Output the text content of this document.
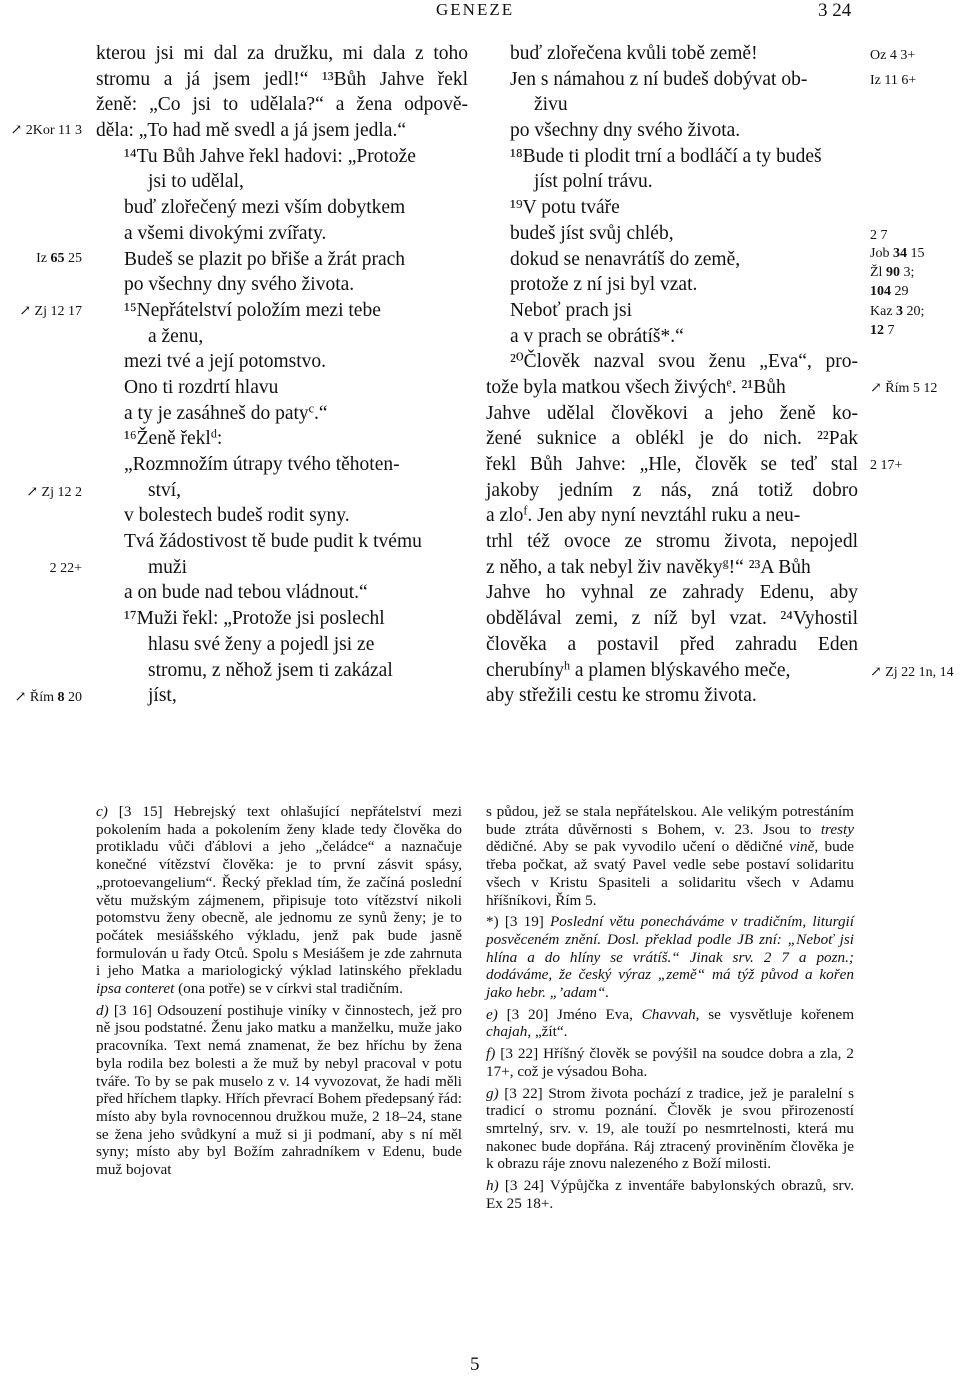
GENEZE	3 24
kterou jsi mi dal za družku, mi dala z toho
stromu a já jsem jedl!“ ¹³Bůh Jahve řekl
ženě: „Co jsi to udělala?“ a žena odpově-
děla: „To had mě svedl a já jsem jedla.“
¹⁴Tu Bůh Jahve řekl hadovi: „Protože
jsi to udělal,
buď zlořečený mezi vším dobytkem
a všemi divokými zvířaty.
Budeš se plazit po břiše a žrát prach
po všechny dny svého života.
¹⁵Nepřátelství položím mezi tebe
a ženu,
mezi tvé a její potomstvo.
Ono ti rozdrtí hlavu
a ty je zasáhneš do paty$^c$.“
¹⁶Ženě řekl$^d$:
„Rozmnožím útrapy tvého těhoten-
ství,
v bolestech budeš rodit syny.
Tvá žádostivost tě bude pudit k tvému
muži
a on bude nad tebou vládnout.“
¹⁷Muži řekl: „Protože jsi poslechl
hlasu své ženy a pojedl jsi ze
stromu, z něhož jsem ti zakázal
jíst,
buď zlořečena kvůli tobě země!
Jen s námahou z ní budeš dobývat ob-
živu
po všechny dny svého života.
¹⁸Bude ti plodit trní a bodláčí a ty budeš
jíst polní trávu.
¹⁹V potu tváře
budeš jíst svůj chléb,
dokud se nenavrátíš do země,
protože z ní jsi byl vzat.
Neboť prach jsi
a v prach se obrátíš*.“
²⁰Člověk nazval svou ženu „Eva“, pro-
tože byla matkou všech živých$^e$. ²¹Bůh
Jahve udělal člověkovi a jeho ženě ko-
žené suknice a oblékl je do nich. ²²Pak
řekl Bůh Jahve: „Hle, člověk se teď stal
jakoby jedním z nás, zná totiž dobro
a zlo$^f$. Jen aby nyní nevztáhl ruku a neu-
trhl též ovoce ze stromu života, nepojedl
z něho, a tak nebyl živ navěky$^g$!“ ²³A Bůh
Jahve ho vyhnal ze zahrady Edenu, aby
obdělával zemi, z níž byl vzat. ²⁴Vyhostil
člověka a postavil před zahradu Eden
cherubíny$^h$ a plamen blýskavého meče,
aby střežili cestu ke stromu života.
↗ 2Kor 11 3
Iz 65 25
↗ Zj 12 17
↗ Zj 12 2
2 22+
↗ Řím 8 20
Oz 4 3+
Iz 11 6+
2 7
Job 34 15
Žl 90 3;
104 29
Kaz 3 20;
12 7
↗ Řím 5 12
2 17+
↗ Zj 22 1n, 14

c) [3 15] Hebrejský text ohlašující nepřátelství mezi pokolením hada a pokolením ženy klade tedy člověka do protikladu vůči ďáblovi a jeho „čeládce“ a naznačuje konečné vítězství člověka: je to první zásvit spásy, „protoevangelium“. Řecký překlad tím, že začíná poslední větu mužským zájmenem, připisuje toto vítězství nikoli potomstvu ženy obecně, ale jednomu ze synů ženy; je to počátek mesiášského výkladu, jenž pak bude jasně formulován u řady Otců. Spolu s Mesiášem je zde zahrnuta i jeho Matka a mariologický výklad latinského překladu ipsa conteret (ona potře) se v církvi stal tradičním.

d) [3 16] Odsouzení postihuje viníky v činnostech, jež pro ně jsou podstatné. Ženu jako matku a manželku, muže jako pracovníka. Text nemá znamenat, že bez hříchu by žena byla rodila bez bolesti a že muž by nebyl pracoval v potu tváře. To by se pak muselo z v. 14 vyvozovat, že hadi měli před hříchem tlapky. Hřích převrací Bohem předepsaný řád: místo aby byla rovnocennou družkou muže, 2 18–24, stane se žena jeho svůdkyní a muž si ji podmaní, aby s ní měl syny; místo aby byl Božím zahradníkem v Edenu, bude muž bojovat

s půdou, jež se stala nepřátelskou. Ale velikým potrestáním bude ztráta důvěrnosti s Bohem, v. 23. Jsou to tresty dědičné. Aby se pak vyvodilo učení o dědičné vině, bude třeba počkat, až svatý Pavel vedle sebe postaví solidaritu všech v Kristu Spasiteli a solidaritu všech v Adamu hříšníkovi, Řím 5.

*) [3 19] Poslední větu ponecháváme v tradičním, liturgií posvěceném znění. Dosl. překlad podle JB zní: „Neboť jsi hlína a do hlíny se vrátíš.“ Jinak srv. 2 7 a pozn.; dodáváme, že český výraz „země“ má týž původ a kořen jako hebr. „’adam“.

e) [3 20] Jméno Eva, Chavvah, se vysvětluje kořenem chajah, „žít“.

f) [3 22] Hříšný člověk se povýšil na soudce dobra a zla, 2 17+, což je výsadou Boha.

g) [3 22] Strom života pochází z tradice, jež je paralelní s tradicí o stromu poznání. Člověk je svou přirozeností smrtelný, srv. v. 19, ale touží po nesmrtelnosti, která mu nakonec bude dopřána. Ráj ztracený proviněním člověka je k obrazu ráje znovu nalezeného z Boží milosti.

h) [3 24] Výpůjčka z inventáře babylonských obrazů, srv. Ex 25 18+.

5
